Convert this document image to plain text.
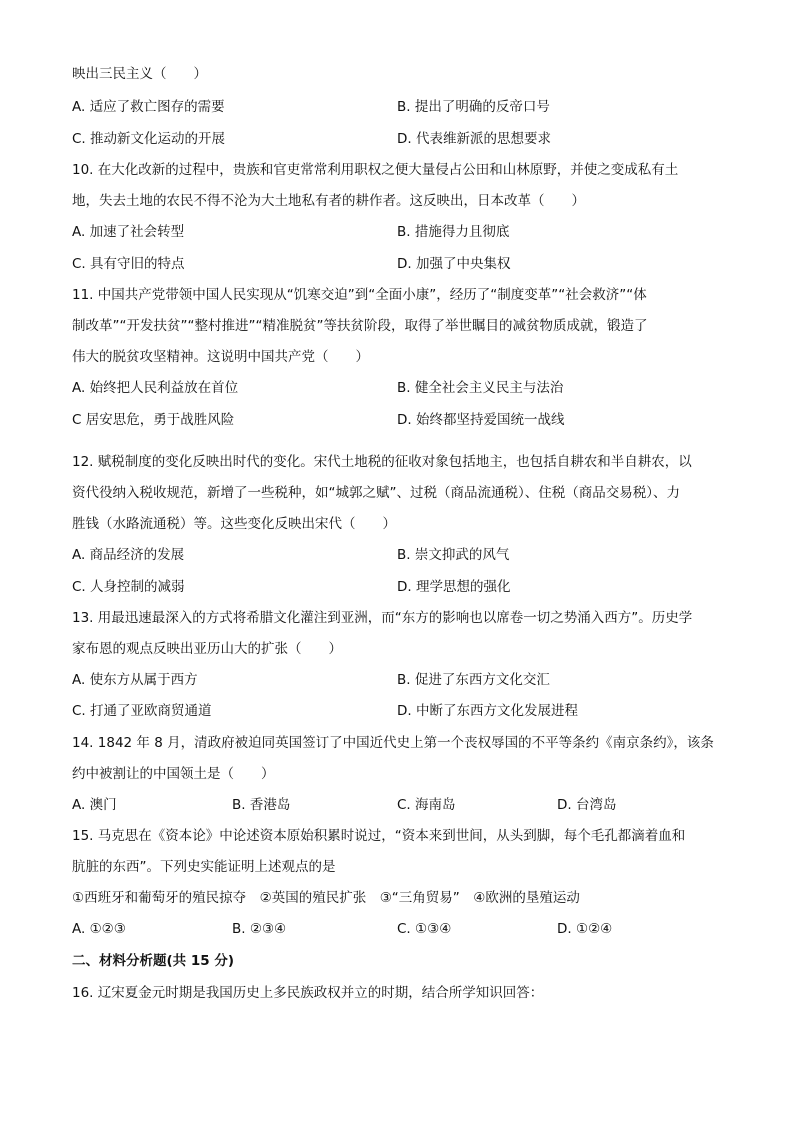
映出三民主义（　　）
A. 适应了救亡图存的需要	B. 提出了明确的反帝口号
C. 推动新文化运动的开展	D. 代表维新派的思想要求
10. 在大化改新的过程中，贵族和官吏常常利用职权之便大量侵占公田和山林原野，并使之变成私有土
地，失去土地的农民不得不沦为大土地私有者的耕作者。这反映出，日本改革（　　）
A. 加速了社会转型	B. 措施得力且彻底
C. 具有守旧的特点	D. 加强了中央集权
11. 中国共产党带领中国人民实现从“饥寒交迫”到“全面小康”，经历了“制度变革”“社会救济”“体
制改革”“开发扶贫”“整村推进”“精准脱贫”等扶贫阶段，取得了举世瞩目的减贫物质成就，锻造了
伟大的脱贫攻坚精神。这说明中国共产党（　　）
A. 始终把人民利益放在首位	B. 健全社会主义民主与法治
C 居安思危，勇于战胜风险	D. 始终都坚持爱国统一战线
12. 赋税制度的变化反映出时代的变化。宋代土地税的征收对象包括地主，也包括自耕农和半自耕农，以
资代役纳入税收规范，新增了一些税种，如“城郭之赋”、过税（商品流通税）、住税（商品交易税）、力
胜钱（水路流通税）等。这些变化反映出宋代（　　）
A. 商品经济的发展	B. 崇文抑武的风气
C. 人身控制的减弱	D. 理学思想的强化
13. 用最迅速最深入的方式将希腊文化灌注到亚洲，而“东方的影响也以席卷一切之势涌入西方”。历史学
家布恩的观点反映出亚历山大的扩张（　　）
A. 使东方从属于西方	B. 促进了东西方文化交汇
C. 打通了亚欧商贸通道	D. 中断了东西方文化发展进程
14. 1842 年 8 月，清政府被迫同英国签订了中国近代史上第一个丧权辱国的不平等条约《南京条约》，该条
约中被割让的中国领土是（　　）
A. 澳门	B. 香港岛	C. 海南岛	D. 台湾岛
15. 马克思在《资本论》中论述资本原始积累时说过，“资本来到世间，从头到脚，每个毛孔都滴着血和
肮脏的东西”。下列史实能证明上述观点的是
①西班牙和葡萄牙的殖民掠夺　②英国的殖民扩张　③“三角贸易”　④欧洲的垦殖运动
A. ①②③	B. ②③④	C. ①③④	D. ①②④
二、材料分析题(共 15 分)
16. 辽宋夏金元时期是我国历史上多民族政权并立的时期，结合所学知识回答：
